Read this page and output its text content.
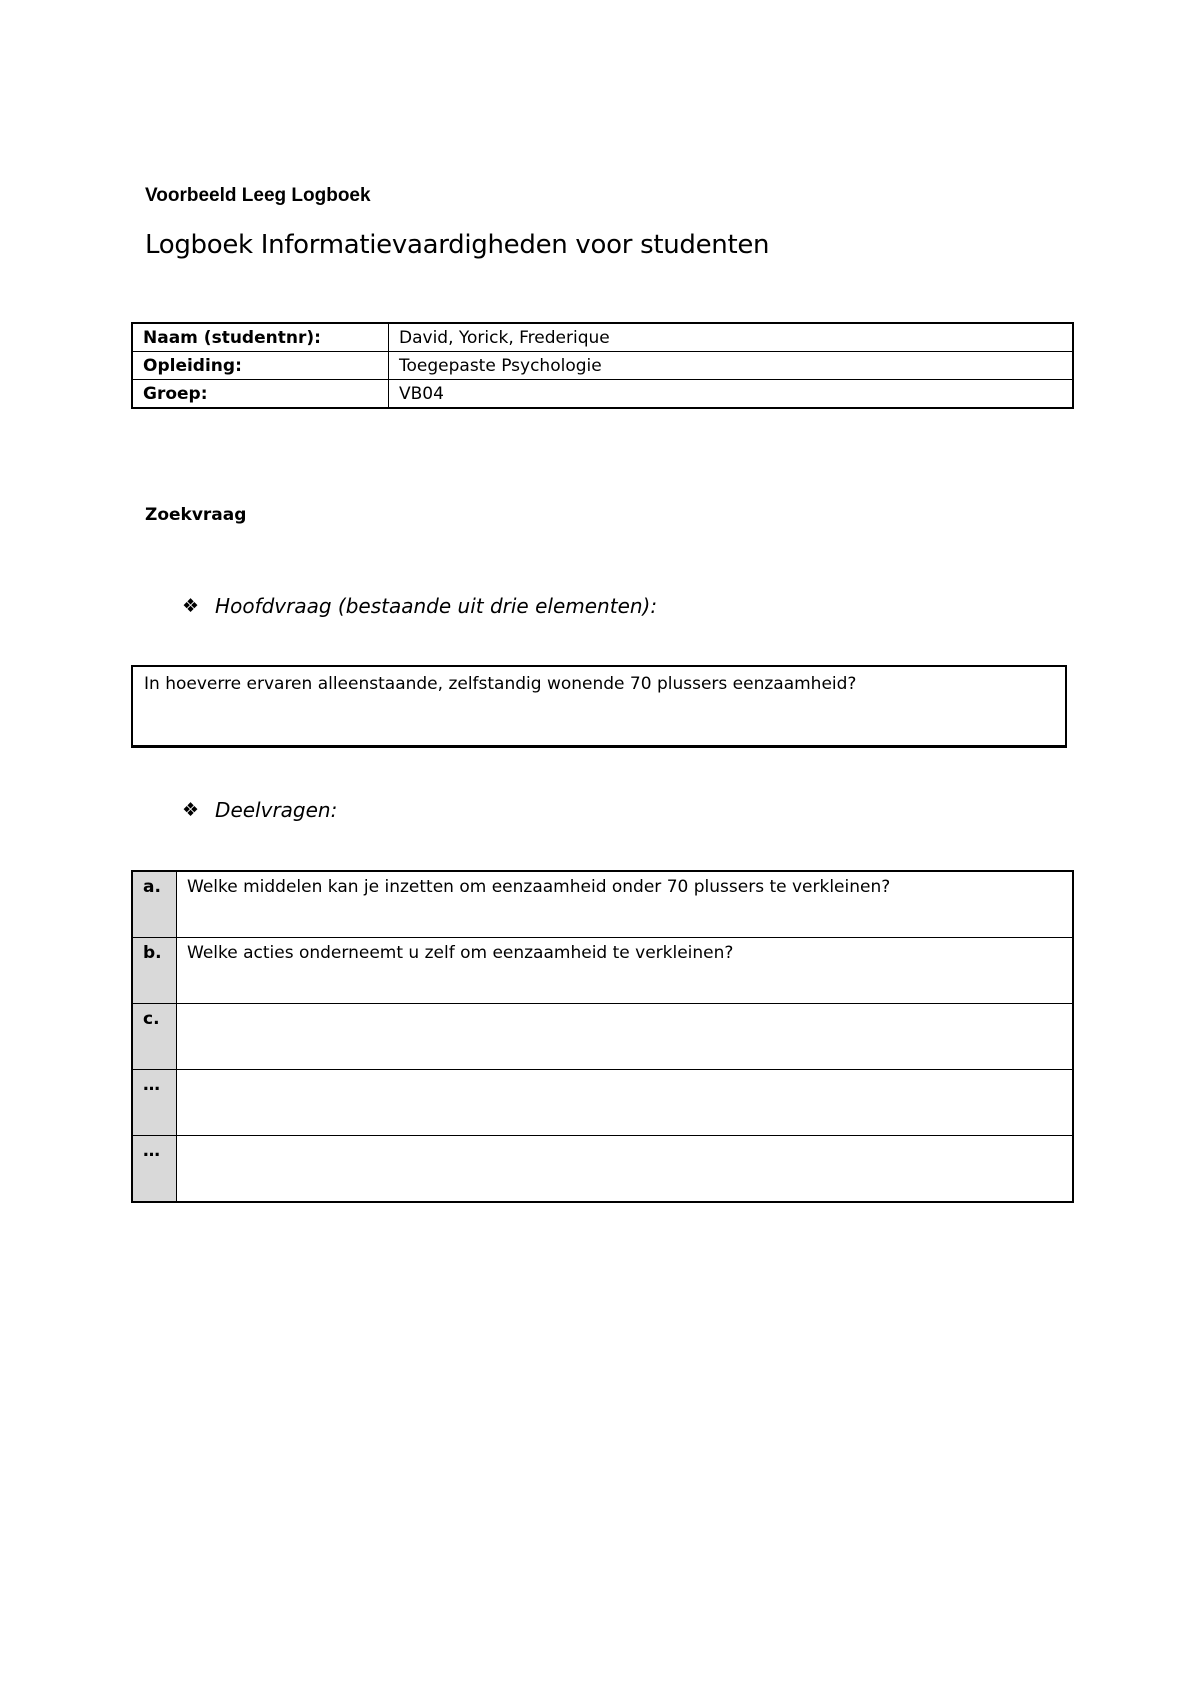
Voorbeeld Leeg Logboek
Logboek Informatievaardigheden voor studenten
Naam (studentnr):	David, Yorick, Frederique
Opleiding:	Toegepaste Psychologie
Groep:	VB04
Zoekvraag
❖ Hoofdvraag (bestaande uit drie elementen):
In hoeverre ervaren alleenstaande, zelfstandig wonende 70 plussers eenzaamheid?
❖ Deelvragen:
a.	Welke middelen kan je inzetten om eenzaamheid onder 70 plussers te verkleinen?
b.	Welke acties onderneemt u zelf om eenzaamheid te verkleinen?
c.	
…	
…	
